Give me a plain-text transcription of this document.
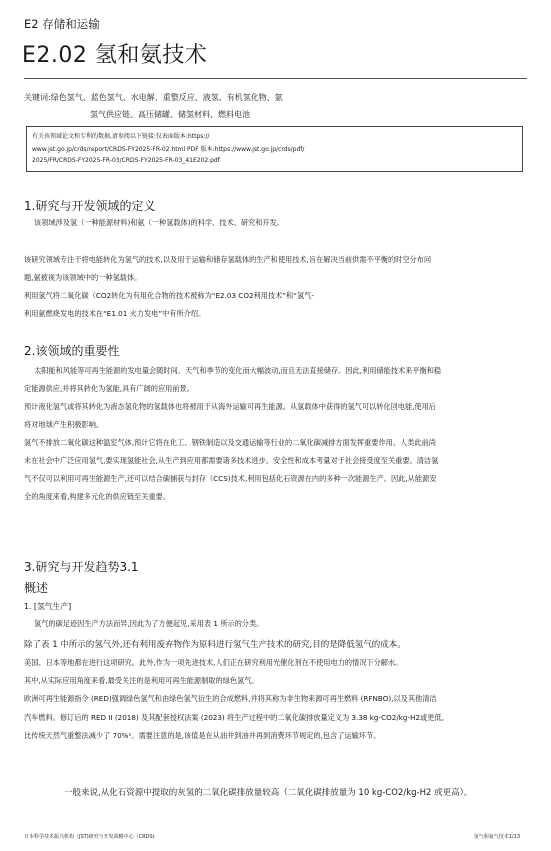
E2 存储和运输
E2.02 氢和氨技术
关键词:绿色氢气、蓝色氢气、水电解、重整反应、液氢、有机氢化物、氨
氢气供应链、高压储罐、储氢材料、燃料电池
有关该领域论文和专利的数据,请参阅以下链接:仅表面版本:https://
www.jst.go.jp/crds/report/CRDS-FY2025-FR-02.html PDF 版本:https://www.jst.go.jp/crds/pdf/
2025/FR/CRDS-FY2025-FR-03/CRDS-FY2025-FR-03_41E202.pdf
1.研究与开发领域的定义
该领域涉及氢（一种能源材料)和氨（一种氢载体)的科学、技术、研究和开发。
该研究领域专注于将电能转化为氢气的技术,以及用于运输和储存氢载体的生产和使用技术,旨在解决当前供需不平衡的时空分布问
题,氨被视为该领域中的一种氢载体。
利用氢气将二氧化碳（CO2转化为有用化合物的技术被称为“E2.03 CO2利用技术”和“氢气-
利用氨燃烧发电的技术在“E1.01 火力发电”中有所介绍。
2.该领域的重要性
太阳能和风能等可再生能源的发电量会随时间、天气和季节的变化而大幅波动,而且无法直接储存。因此,利用储能技术来平衡和稳
定能源供应,并将其转化为氢能,具有广阔的应用前景。
预计液化氢气或将其转化为液态氢化物的氢载体也将被用于从海外运输可再生能源。从氢载体中获得的氢气可以转化回电能,使用后
将对地球产生积极影响。
氢气不排放二氧化碳这种温室气体,预计它将在化工、钢铁制造以及交通运输等行业的二氧化碳减排方面发挥重要作用。人类此前尚
未在社会中广泛应用氢气,要实现氢能社会,从生产到应用都需要诸多技术进步。安全性和成本考量对于社会接受度至关重要。清洁氢
气不仅可以利用可再生能源生产,还可以结合碳捕获与封存（CCS)技术,利用包括化石资源在内的多种一次能源生产。因此,从能源安
全的角度来看,构建多元化的供应链至关重要。
3.研究与开发趋势3.1
概述
1. [氢气生产]
氢气的碳足迹因生产方法而异,因此为了方便起见,采用表 1 所示的分类。
除了表 1 中所示的氢气外,还有利用废弃物作为原料进行氢气生产技术的研究,目的是降低氢气的成本。
美国、日本等地都在进行这项研究。此外,作为一项先进技术,人们正在研究利用光催化剂在不使用电力的情况下分解水。
其中,从实际应用角度来看,最受关注的是利用可再生能源制取的绿色氢气。
欧洲可再生能源指令 (RED)强调绿色氢气和由绿色氢气衍生的合成燃料,并将其称为非生物来源可再生燃料 (RFNBO),以及其他清洁
汽车燃料。修订后的 RED II (2018) 及其配套授权法案 (2023) 将生产过程中的二氧化碳排放量定义为 3.38 kg-CO2/kg-H2或更低,
比传统天然气重整法减少了 70%¹。需要注意的是,该值是在从油井到油井再到消费环节规定的,包含了运输环节。
一般来说,从化石资源中提取的灰氢的二氧化碳排放量较高（二氧化碳排放量为 10 kg-CO2/kg-H2 或更高）。
日本科学技术振兴机构（JST)研究与开发战略中心（CRDS)	氢气和氨气技术1/13
